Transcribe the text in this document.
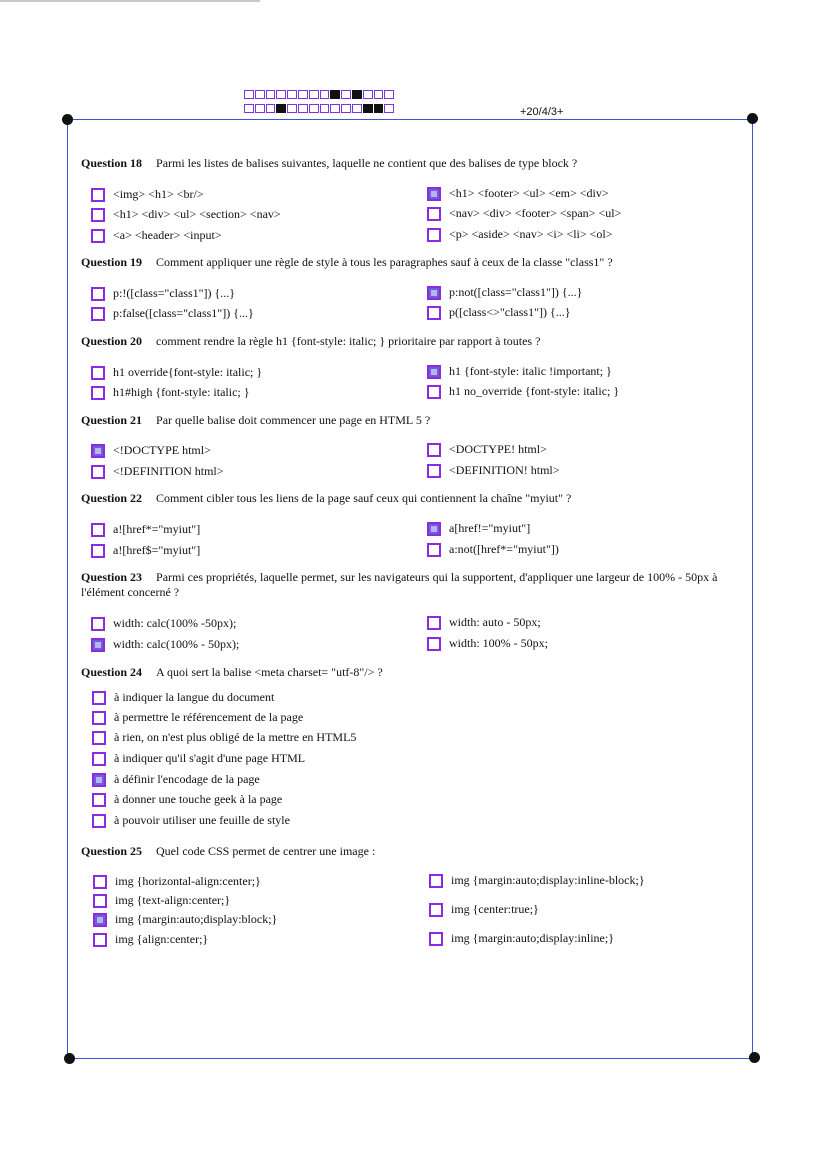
+20/4/3+
Question 18 Parmi les listes de balises suivantes, laquelle ne contient que des balises de type block ?
<img> <h1> <br/>
<h1> <div> <ul> <section> <nav>
<a> <header> <input>
<h1> <footer> <ul> <em> <div>
<nav> <div> <footer> <span> <ul>
<p> <aside> <nav> <i> <li> <ol>
Question 19 Comment appliquer une règle de style à tous les paragraphes sauf à ceux de la classe "class1" ?
p:!([class="class1"]) {...}
p:false([class="class1"]) {...}
p:not([class="class1"]) {...}
p([class<>"class1"]) {...}
Question 20 comment rendre la règle h1 {font-style: italic; } prioritaire par rapport à toutes ?
h1 override{font-style: italic; }
h1#high {font-style: italic; }
h1 {font-style: italic !important; }
h1 no_override {font-style: italic; }
Question 21 Par quelle balise doit commencer une page en HTML 5 ?
<!DOCTYPE html>
<!DEFINITION html>
<DOCTYPE! html>
<DEFINITION! html>
Question 22 Comment cibler tous les liens de la page sauf ceux qui contiennent la chaîne "myiut" ?
a![href*="myiut"]
a![href$="myiut"]
a[href!="myiut"]
a:not([href*="myiut"])
Question 23 Parmi ces propriétés, laquelle permet, sur les navigateurs qui la supportent, d'appliquer une largeur de 100% - 50px à l'élément concerné ?
width: calc(100% -50px);
width: calc(100% - 50px);
width: auto - 50px;
width: 100% - 50px;
Question 24 A quoi sert la balise <meta charset= "utf-8"/> ?
à indiquer la langue du document
à permettre le référencement de la page
à rien, on n'est plus obligé de la mettre en HTML5
à indiquer qu'il s'agit d'une page HTML
à définir l'encodage de la page
à donner une touche geek à la page
à pouvoir utiliser une feuille de style
Question 25 Quel code CSS permet de centrer une image :
img {horizontal-align:center;}
img {text-align:center;}
img {margin:auto;display:block;}
img {align:center;}
img {margin:auto;display:inline-block;}
img {center:true;}
img {margin:auto;display:inline;}
